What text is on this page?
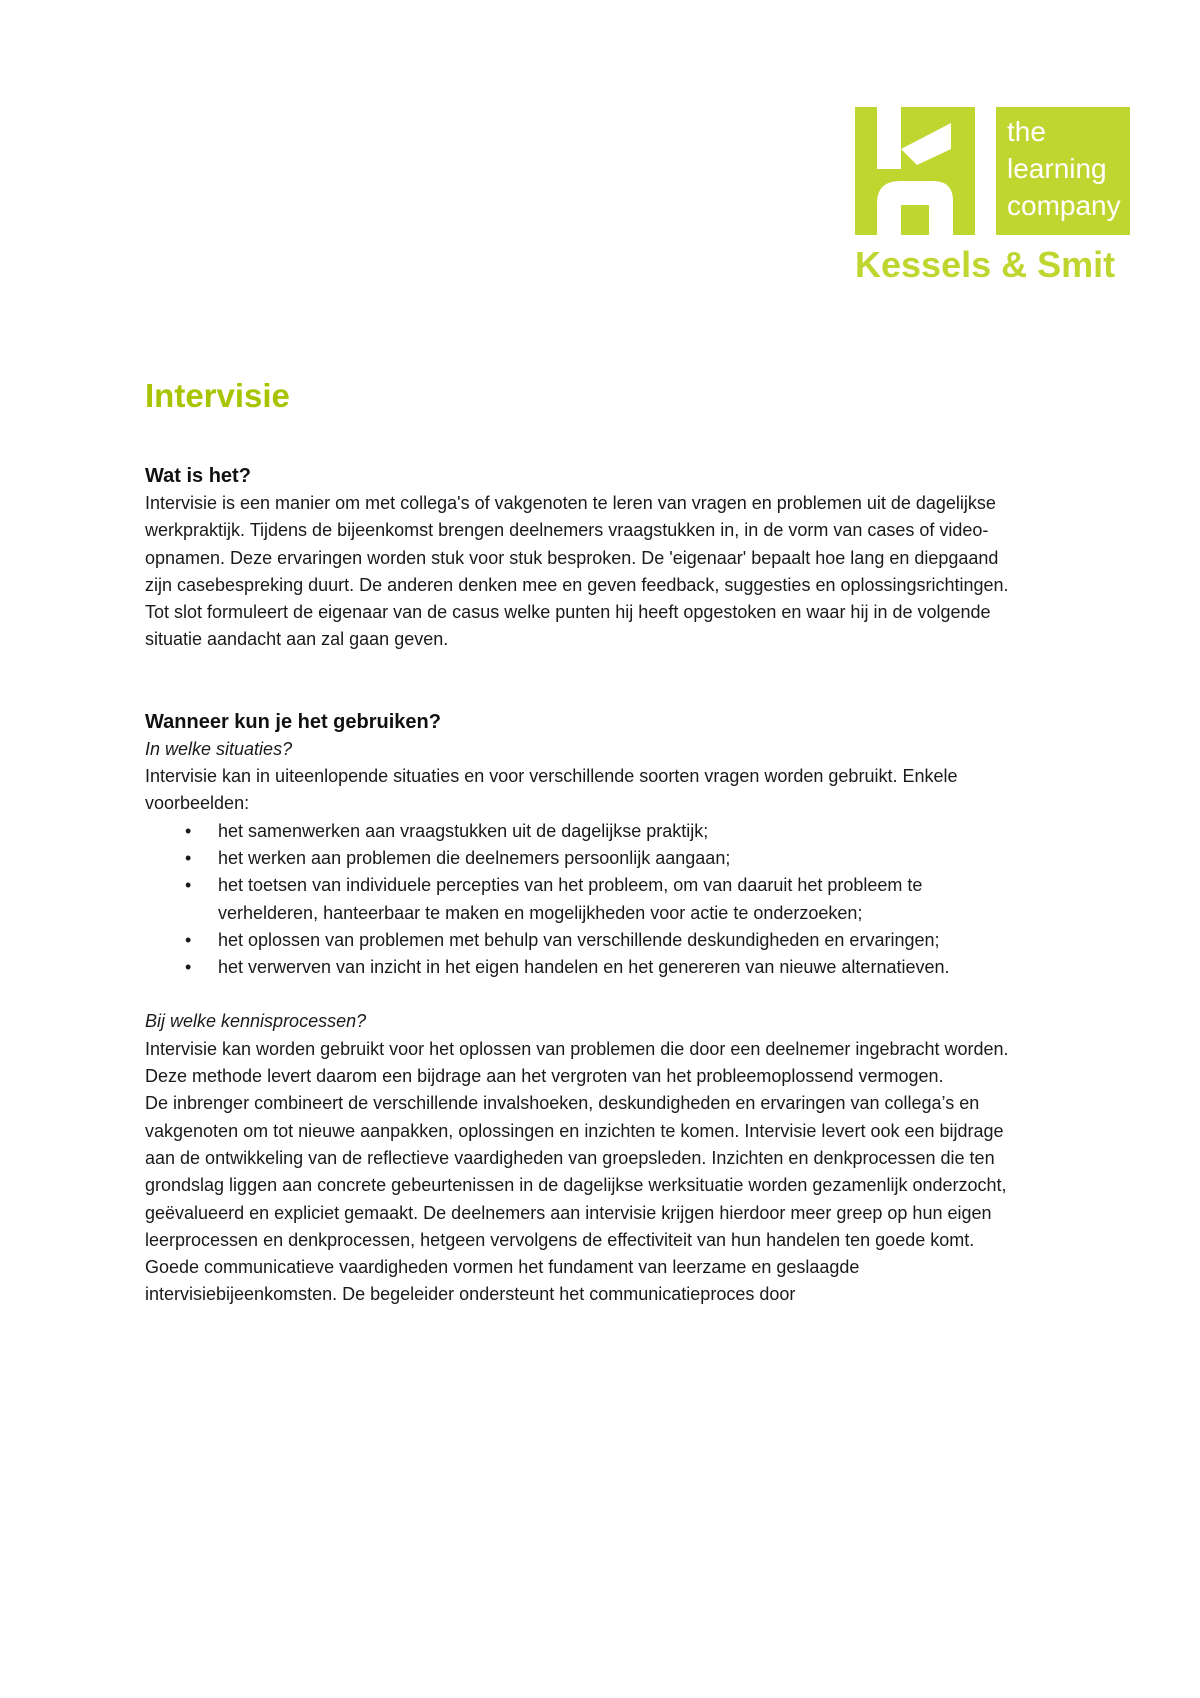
the
learning
company
Kessels & Smit
Intervisie
Wat is het?

Intervisie is een manier om met collega's of vakgenoten te leren van vragen en problemen uit de dagelijkse werkpraktijk. Tijdens de bijeenkomst brengen deelnemers vraagstukken in, in de vorm van cases of video-opnamen. Deze ervaringen worden stuk voor stuk besproken. De 'eigenaar' bepaalt hoe lang en diepgaand zijn casebespreking duurt. De anderen denken mee en geven feedback, suggesties en oplossingsrichtingen. Tot slot formuleert de eigenaar van de casus welke punten hij heeft opgestoken en waar hij in de volgende situatie aandacht aan zal gaan geven.

Wanneer kun je het gebruiken?

In welke situaties?

Intervisie kan in uiteenlopende situaties en voor verschillende soorten vragen worden gebruikt. Enkele voorbeelden:

• het samenwerken aan vraagstukken uit de dagelijkse praktijk;
• het werken aan problemen die deelnemers persoonlijk aangaan;
• het toetsen van individuele percepties van het probleem, om van daaruit het probleem te verhelderen, hanteerbaar te maken en mogelijkheden voor actie te onderzoeken;
• het oplossen van problemen met behulp van verschillende deskundigheden en ervaringen;
• het verwerven van inzicht in het eigen handelen en het genereren van nieuwe alternatieven.

Bij welke kennisprocessen?

Intervisie kan worden gebruikt voor het oplossen van problemen die door een deelnemer ingebracht worden. Deze methode levert daarom een bijdrage aan het vergroten van het probleemoplossend vermogen.

De inbrenger combineert de verschillende invalshoeken, deskundigheden en ervaringen van collega’s en vakgenoten om tot nieuwe aanpakken, oplossingen en inzichten te komen. Intervisie levert ook een bijdrage aan de ontwikkeling van de reflectieve vaardigheden van groepsleden. Inzichten en denkprocessen die ten grondslag liggen aan concrete gebeurtenissen in de dagelijkse werksituatie worden gezamenlijk onderzocht, geëvalueerd en expliciet gemaakt. De deelnemers aan intervisie krijgen hierdoor meer greep op hun eigen leerprocessen en denkprocessen, hetgeen vervolgens de effectiviteit van hun handelen ten goede komt. Goede communicatieve vaardigheden vormen het fundament van leerzame en geslaagde intervisiebijeenkomsten. De begeleider ondersteunt het communicatieproces door
